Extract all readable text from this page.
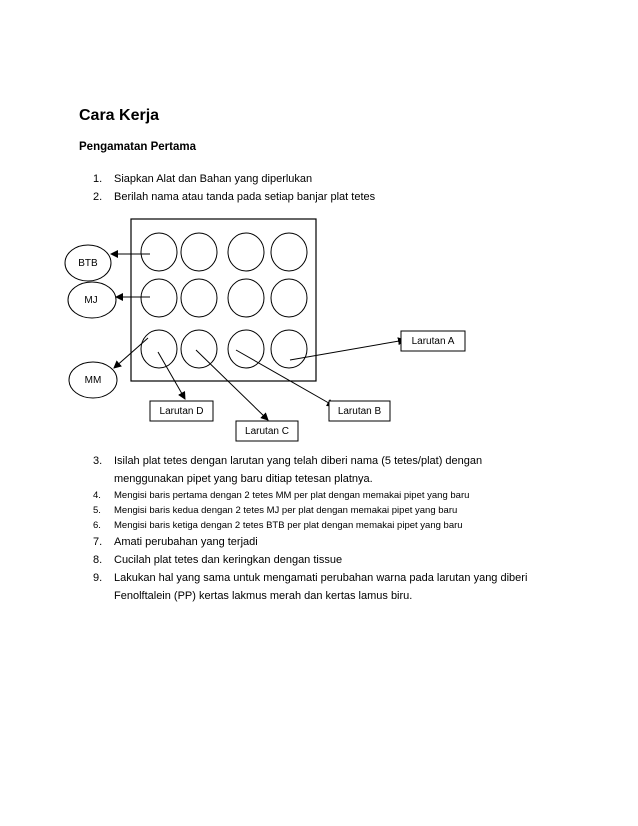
Cara Kerja
Pengamatan Pertama
1. Siapkan Alat dan Bahan yang diperlukan
2. Berilah nama atau tanda pada setiap banjar plat tetes
BTB
MJ
MM
Larutan A
Larutan B
Larutan C
Larutan D
3. Isilah plat tetes dengan larutan yang telah diberi nama (5 tetes/plat) dengan menggunakan pipet yang baru ditiap tetesan platnya.
4. Mengisi baris pertama dengan 2 tetes MM per plat dengan memakai pipet yang baru
5. Mengisi baris kedua dengan 2 tetes MJ per plat dengan memakai pipet yang baru
6. Mengisi baris ketiga dengan 2 tetes BTB per plat dengan memakai pipet yang baru
7. Amati perubahan yang terjadi
8. Cucilah plat tetes dan keringkan dengan tissue
9. Lakukan hal yang sama untuk mengamati perubahan warna pada larutan yang diberi Fenolftalein (PP) kertas lakmus merah dan kertas lamus biru.
